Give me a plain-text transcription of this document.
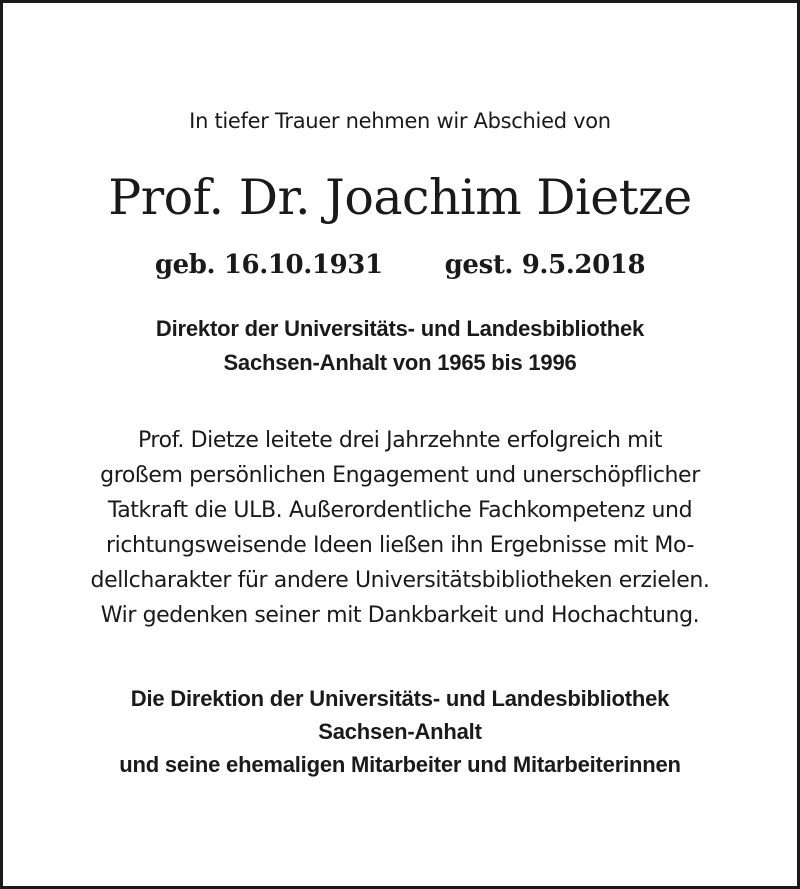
In tiefer Trauer nehmen wir Abschied von
Prof. Dr. Joachim Dietze
geb. 16.10.1931 gest. 9.5.2018
Direktor der Universitäts- und Landesbibliothek
Sachsen-Anhalt von 1965 bis 1996
Prof. Dietze leitete drei Jahrzehnte erfolgreich mit
großem persönlichen Engagement und unerschöpflicher
Tatkraft die ULB. Außerordentliche Fachkompetenz und
richtungsweisende Ideen ließen ihn Ergebnisse mit Mo-
dellcharakter für andere Universitätsbibliotheken erzielen.
Wir gedenken seiner mit Dankbarkeit und Hochachtung.
Die Direktion der Universitäts- und Landesbibliothek
Sachsen-Anhalt
und seine ehemaligen Mitarbeiter und Mitarbeiterinnen
